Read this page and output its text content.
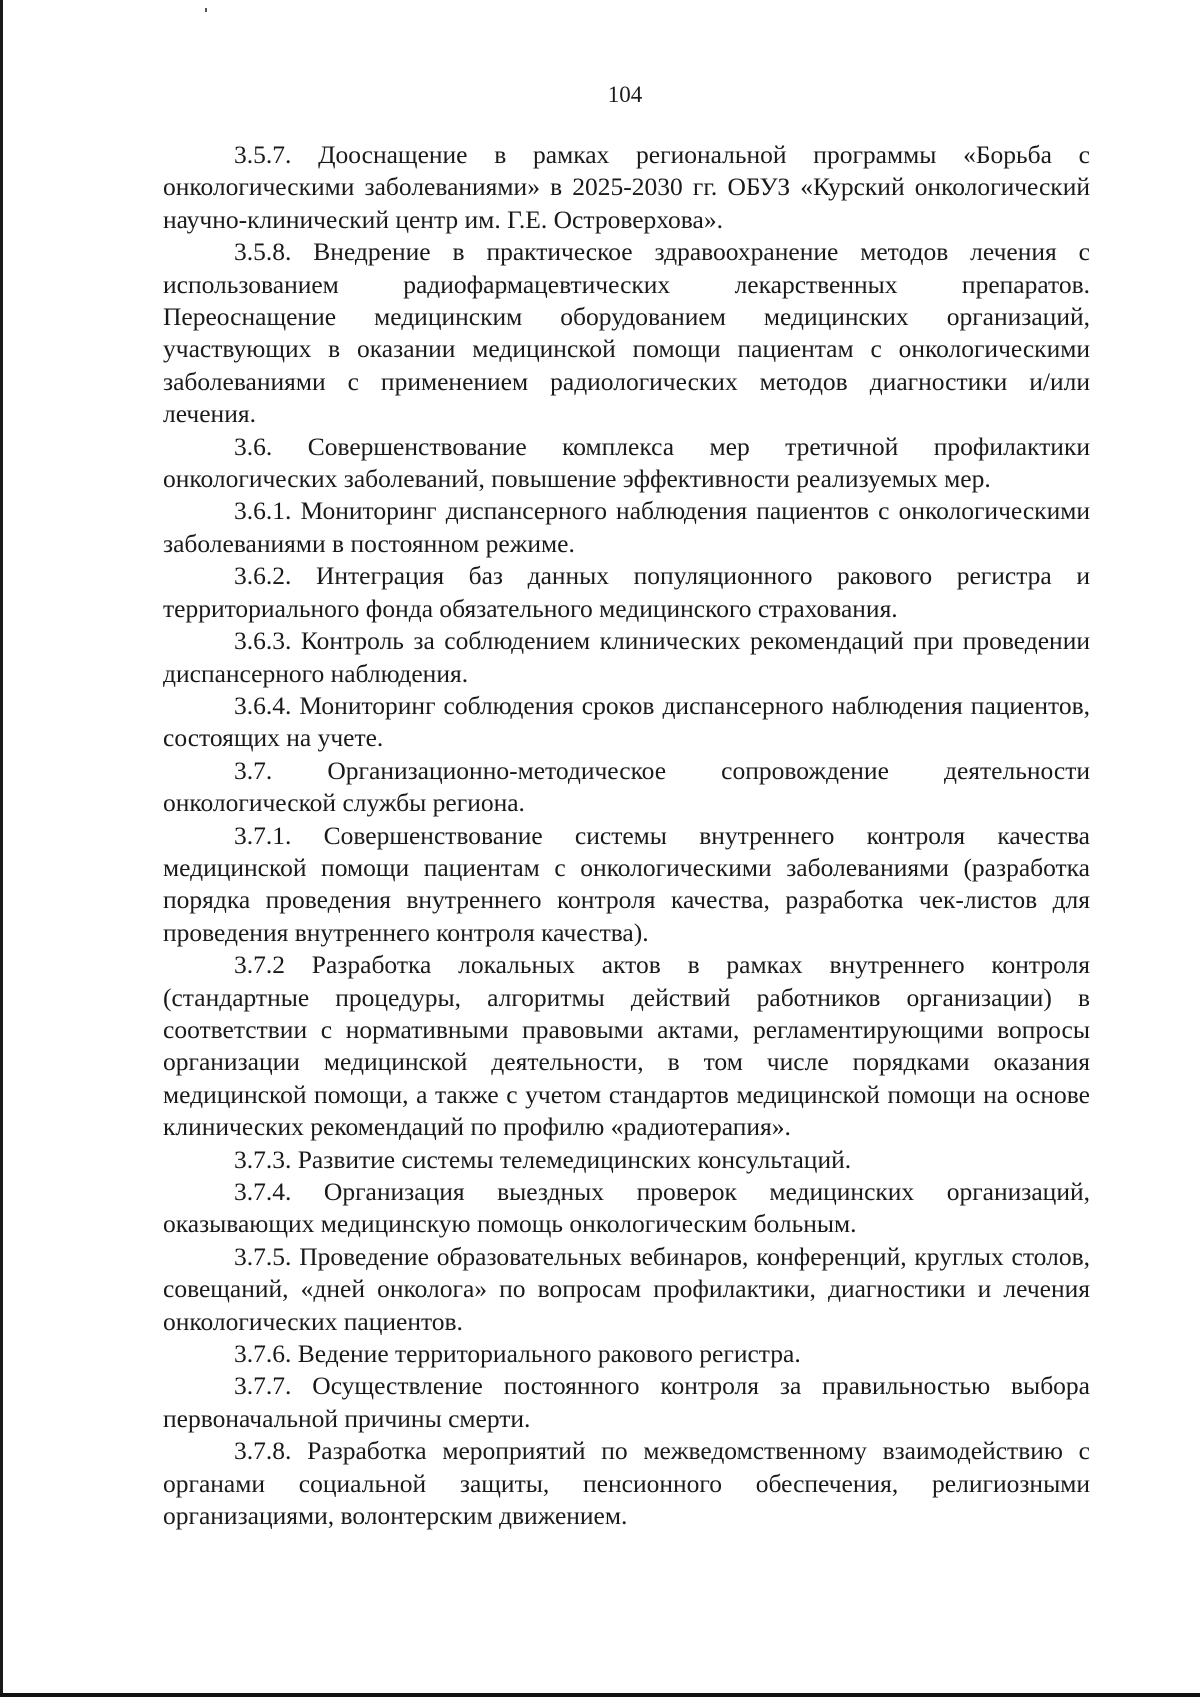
104

3.5.7. Дооснащение в рамках региональной программы «Борьба с онкологическими заболеваниями» в 2025-2030 гг. ОБУЗ «Курский онкологический научно-клинический центр им. Г.Е. Островерхова».

3.5.8. Внедрение в практическое здравоохранение методов лечения с использованием радиофармацевтических лекарственных препаратов. Переоснащение медицинским оборудованием медицинских организаций, участвующих в оказании медицинской помощи пациентам с онкологическими заболеваниями с применением радиологических методов диагностики и/или лечения.

3.6. Совершенствование комплекса мер третичной профилактики онкологических заболеваний, повышение эффективности реализуемых мер.

3.6.1. Мониторинг диспансерного наблюдения пациентов с онкологическими заболеваниями в постоянном режиме.

3.6.2. Интеграция баз данных популяционного ракового регистра и территориального фонда обязательного медицинского страхования.

3.6.3. Контроль за соблюдением клинических рекомендаций при проведении диспансерного наблюдения.

3.6.4. Мониторинг соблюдения сроков диспансерного наблюдения пациентов, состоящих на учете.

3.7. Организационно-методическое сопровождение деятельности онкологической службы региона.

3.7.1. Совершенствование системы внутреннего контроля качества медицинской помощи пациентам с онкологическими заболеваниями (разработка порядка проведения внутреннего контроля качества, разработка чек-листов для проведения внутреннего контроля качества).

3.7.2 Разработка локальных актов в рамках внутреннего контроля (стандартные процедуры, алгоритмы действий работников организации) в соответствии с нормативными правовыми актами, регламентирующими вопросы организации медицинской деятельности, в том числе порядками оказания медицинской помощи, а также с учетом стандартов медицинской помощи на основе клинических рекомендаций по профилю «радиотерапия».

3.7.3. Развитие системы телемедицинских консультаций.

3.7.4. Организация выездных проверок медицинских организаций, оказывающих медицинскую помощь онкологическим больным.

3.7.5. Проведение образовательных вебинаров, конференций, круглых столов, совещаний, «дней онколога» по вопросам профилактики, диагностики и лечения онкологических пациентов.

3.7.6. Ведение территориального ракового регистра.

3.7.7. Осуществление постоянного контроля за правильностью выбора первоначальной причины смерти.

3.7.8. Разработка мероприятий по межведомственному взаимодействию с органами социальной защиты, пенсионного обеспечения, религиозными организациями, волонтерским движением.
